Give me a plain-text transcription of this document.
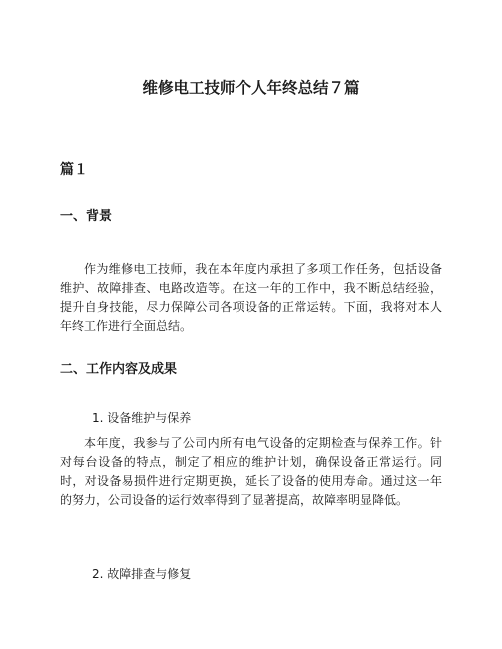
维修电工技师个人年终总结７篇
篇１
一、背景

作为维修电工技师，我在本年度内承担了多项工作任务，包括设备维护、故障排查、电路改造等。在这一年的工作中，我不断总结经验，提升自身技能，尽力保障公司各项设备的正常运转。下面，我将对本人年终工作进行全面总结。

二、工作内容及成果
1. 设备维护与保养

本年度，我参与了公司内所有电气设备的定期检查与保养工作。针对每台设备的特点，制定了相应的维护计划，确保设备正常运行。同时，对设备易损件进行定期更换，延长了设备的使用寿命。通过这一年的努力，公司设备的运行效率得到了显著提高，故障率明显降低。

2. 故障排查与修复
